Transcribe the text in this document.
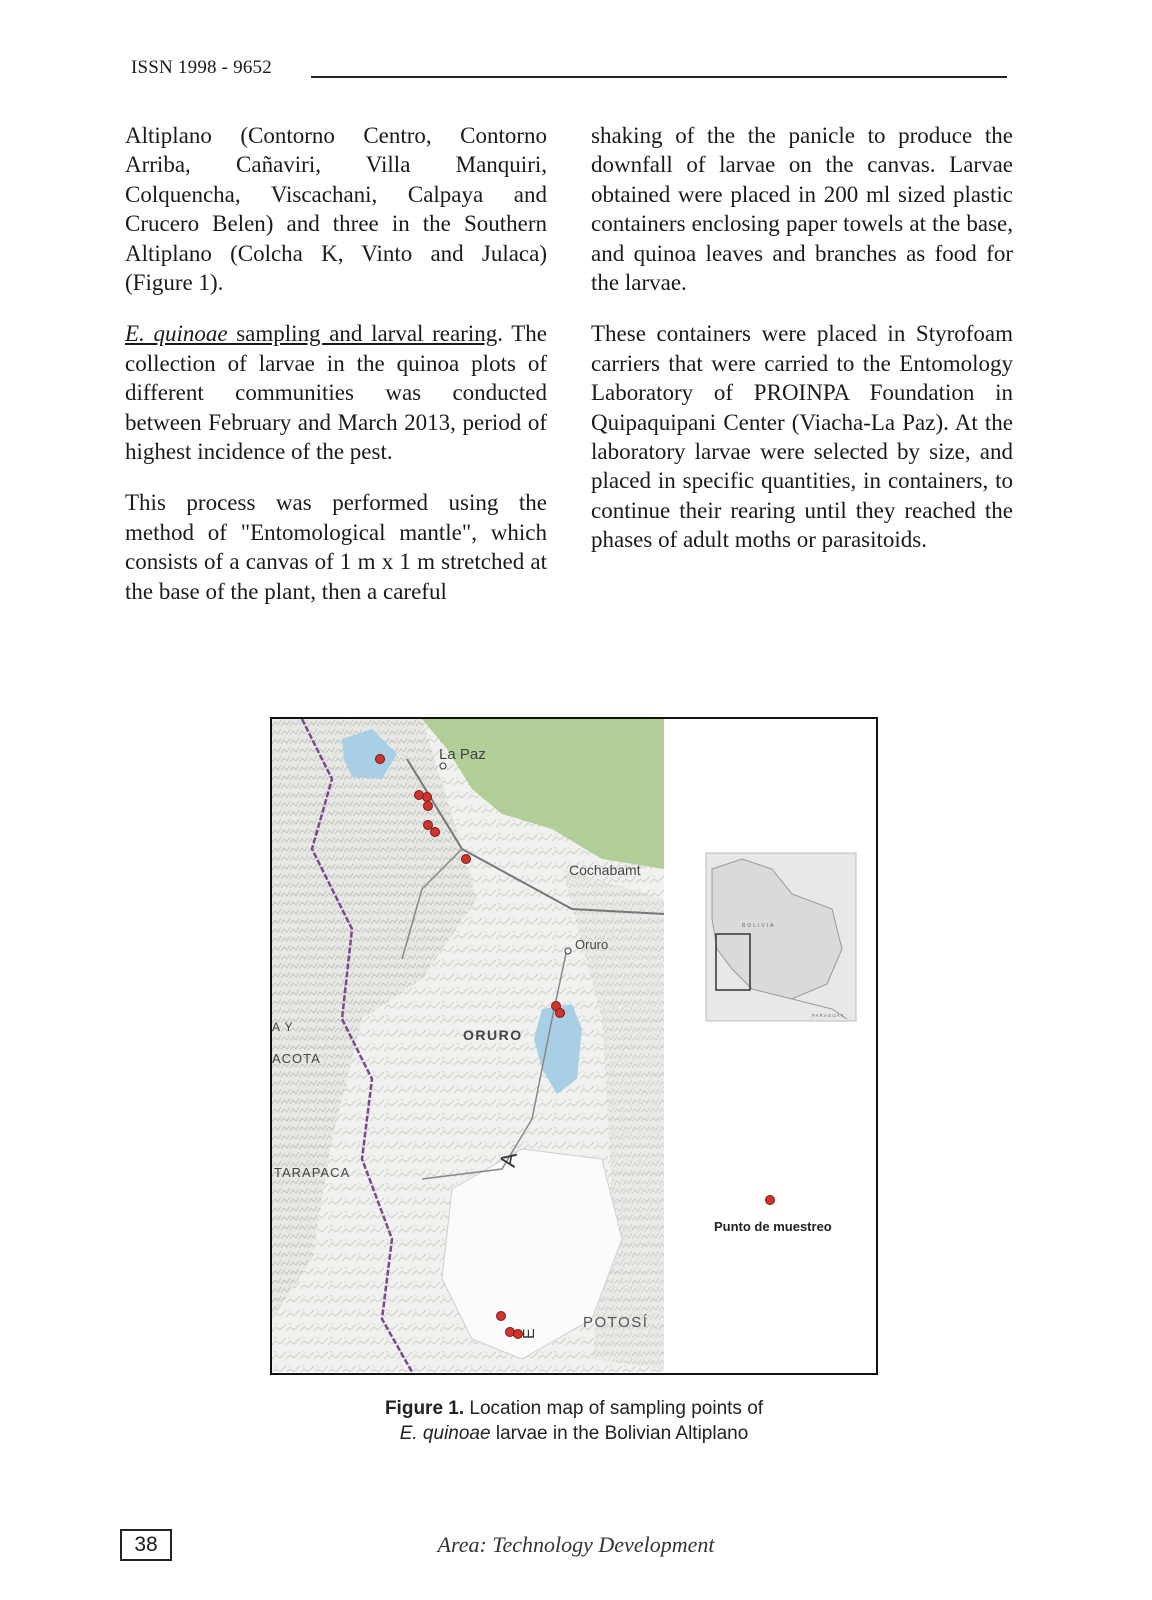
ISSN 1998 - 9652

Altiplano (Contorno Centro, Contorno Arriba, Cañaviri, Villa Manquiri, Colquencha, Viscachani, Calpaya and Crucero Belen) and three in the Southern Altiplano (Colcha K, Vinto and Julaca) (Figure 1).

E. quinoae sampling and larval rearing. The collection of larvae in the quinoa plots of different communities was conducted between February and March 2013, period of highest incidence of the pest.

This process was performed using the method of "Entomological mantle", which consists of a canvas of 1 m x 1 m stretched at the base of the plant, then a careful

shaking of the the panicle to produce the downfall of larvae on the canvas. Larvae obtained were placed in 200 ml sized plastic containers enclosing paper towels at the base, and quinoa leaves and branches as food for the larvae.

These containers were placed in Styrofoam carriers that were carried to the Entomology Laboratory of PROINPA Foundation in Quipaquipani Center (Viacha-La Paz). At the laboratory larvae were selected by size, and placed in specific quantities, in containers, to continue their rearing until they reached the phases of adult moths or parasitoids.

La Paz
Cochabamt
Oruro
ORURO
A Y
ACOTA
TARAPACA
POTOSÍ
A
E
BOLIVIA
PARAGUAY
Punto de muestreo
Figure 1. Location map of sampling points of
E. quinoae larvae in the Bolivian Altiplano
38	Area: Technology Development
